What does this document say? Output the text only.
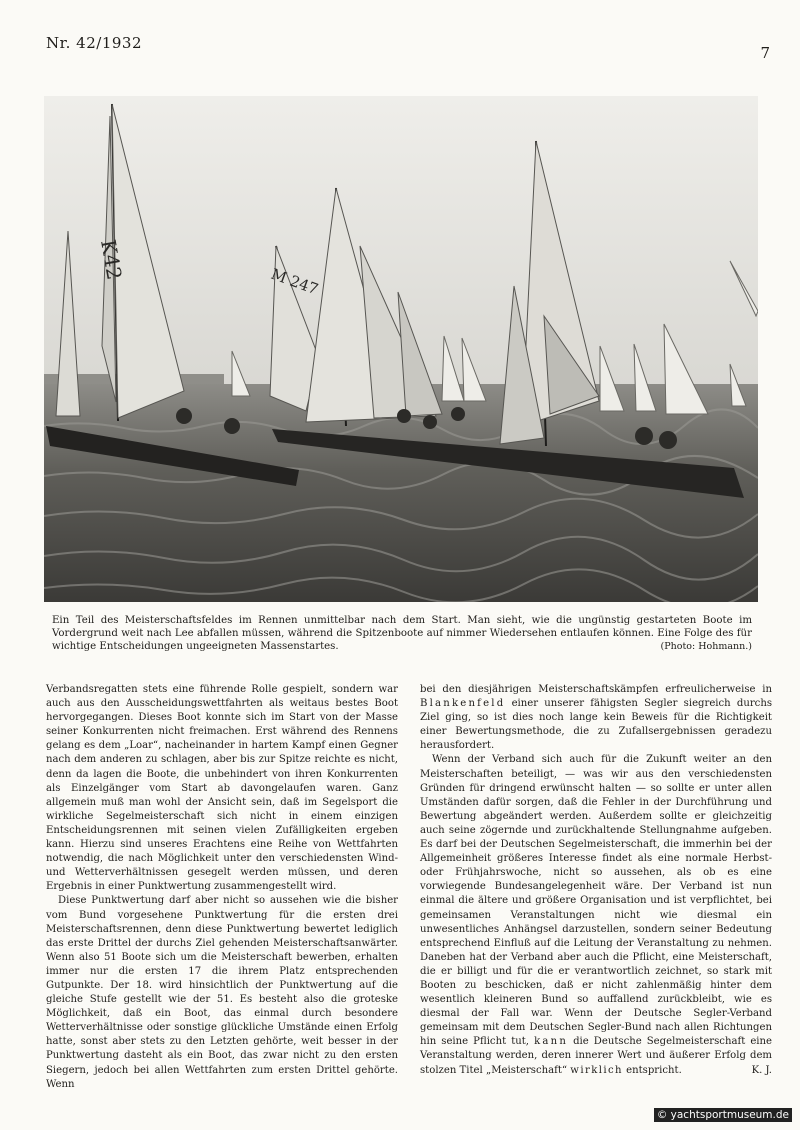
Nr. 42/1932
7
K42	M 247
Ein Teil des Meisterschaftsfeldes im Rennen unmittelbar nach dem Start. Man sieht, wie die ungünstig gestarteten Boote im Vordergrund weit nach Lee abfallen müssen, während die Spitzenboote auf nimmer Wiedersehen entlaufen können. Eine Folge des für wichtige Entscheidungen ungeeigneten Massenstartes.	(Photo: Hohmann.)

Verbandsregatten stets eine führende Rolle gespielt, sondern war auch aus den Ausscheidungswettfahrten als weitaus bestes Boot hervorgegangen. Dieses Boot konnte sich im Start von der Masse seiner Konkurrenten nicht freimachen. Erst während des Rennens gelang es dem „Loar“, nacheinander in hartem Kampf einen Gegner nach dem anderen zu schlagen, aber bis zur Spitze reichte es nicht, denn da lagen die Boote, die unbehindert von ihren Konkurrenten als Einzelgänger vom Start ab davongelaufen waren. Ganz allgemein muß man wohl der Ansicht sein, daß im Segelsport die wirkliche Segelmeisterschaft sich nicht in einem einzigen Entscheidungsrennen mit seinen vielen Zufälligkeiten ergeben kann. Hierzu sind unseres Erachtens eine Reihe von Wettfahrten notwendig, die nach Möglichkeit unter den verschiedensten Wind- und Wetterverhältnissen gesegelt werden müssen, und deren Ergebnis in einer Punktwertung zusammengestellt wird.

Diese Punktwertung darf aber nicht so aussehen wie die bisher vom Bund vorgesehene Punktwertung für die ersten drei Meisterschaftsrennen, denn diese Punktwertung bewertet lediglich das erste Drittel der durchs Ziel gehenden Meisterschaftsanwärter. Wenn also 51 Boote sich um die Meisterschaft bewerben, erhalten immer nur die ersten 17 die ihrem Platz entsprechenden Gutpunkte. Der 18. wird hinsichtlich der Punktwertung auf die gleiche Stufe gestellt wie der 51. Es besteht also die groteske Möglichkeit, daß ein Boot, das einmal durch besondere Wetterverhältnisse oder sonstige glückliche Umstände einen Erfolg hatte, sonst aber stets zu den Letzten gehörte, weit besser in der Punktwertung dasteht als ein Boot, das zwar nicht zu den ersten Siegern, jedoch bei allen Wettfahrten zum ersten Drittel gehörte. Wenn

bei den diesjährigen Meisterschaftskämpfen erfreulicherweise in Blankenfeld einer unserer fähigsten Segler siegreich durchs Ziel ging, so ist dies noch lange kein Beweis für die Richtigkeit einer Bewertungsmethode, die zu Zufallsergebnissen geradezu herausfordert.

Wenn der Verband sich auch für die Zukunft weiter an den Meisterschaften beteiligt, — was wir aus den verschiedensten Gründen für dringend erwünscht halten — so sollte er unter allen Umständen dafür sorgen, daß die Fehler in der Durchführung und Bewertung abgeändert werden. Außerdem sollte er gleichzeitig auch seine zögernde und zurückhaltende Stellungnahme aufgeben. Es darf bei der Deutschen Segelmeisterschaft, die immerhin bei der Allgemeinheit größeres Interesse findet als eine normale Herbst- oder Frühjahrswoche, nicht so aussehen, als ob es eine vorwiegende Bundesangelegenheit wäre. Der Verband ist nun einmal die ältere und größere Organisation und ist verpflichtet, bei gemeinsamen Veranstaltungen nicht wie diesmal ein unwesentliches Anhängsel darzustellen, sondern seiner Bedeutung entsprechend Einfluß auf die Leitung der Veranstaltung zu nehmen. Daneben hat der Verband aber auch die Pflicht, eine Meisterschaft, die er billigt und für die er verantwortlich zeichnet, so stark mit Booten zu beschicken, daß er nicht zahlenmäßig hinter dem wesentlich kleineren Bund so auffallend zurückbleibt, wie es diesmal der Fall war. Wenn der Deutsche Segler-Verband gemeinsam mit dem Deutschen Segler-Bund nach allen Richtungen hin seine Pflicht tut, kann die Deutsche Segelmeisterschaft eine Veranstaltung werden, deren innerer Wert und äußerer Erfolg dem stolzen Titel „Meisterschaft“ wirklich entspricht.	K. J.

© yachtsportmuseum.de
